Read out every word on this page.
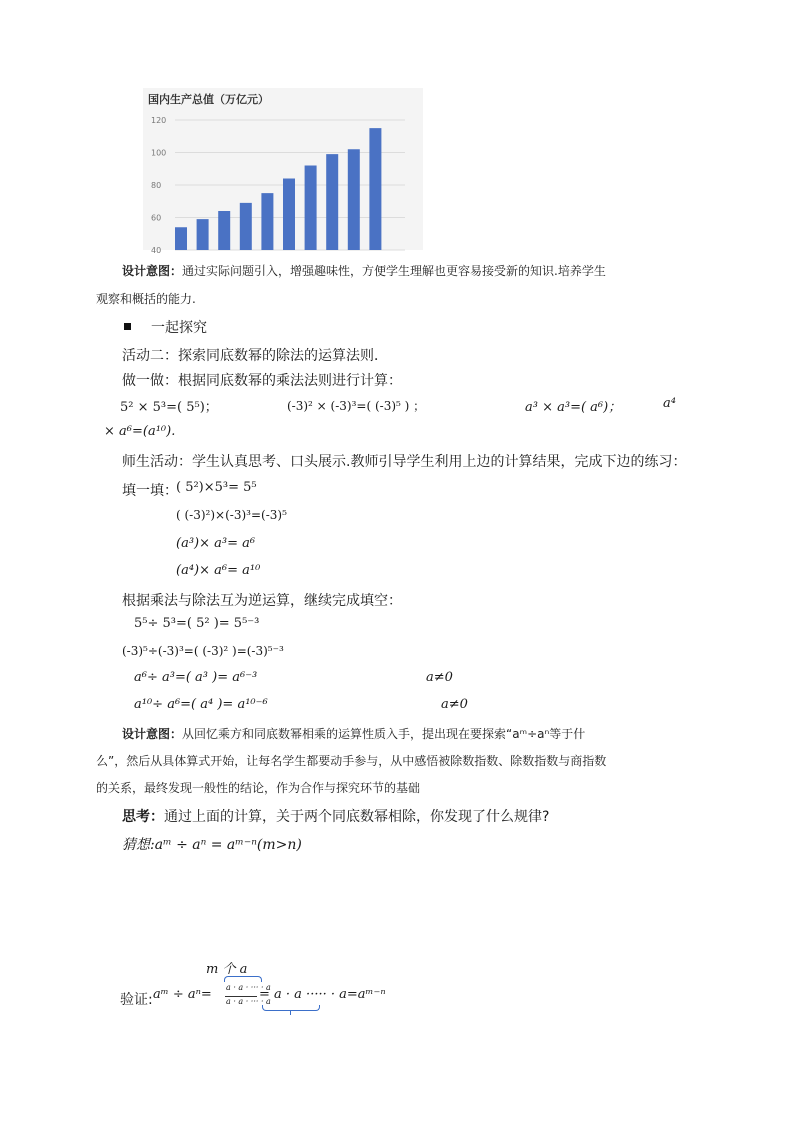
国内生产总值（万亿元）
120
100
80
60
40
设计意图：通过实际问题引入，增强趣味性，方便学生理解也更容易接受新的知识.培养学生
观察和概括的能力.
一起探究
活动二：探索同底数幂的除法的运算法则．
做一做：根据同底数幂的乘法法则进行计算：
5² × 5³=( 5⁵)；	(-3)² × (-3)³=( (-3)⁵ ) ；	a³ × a³=( a⁶)；	a⁴
× a⁶=(a¹⁰).
师生活动：学生认真思考、口头展示.教师引导学生利用上边的计算结果，完成下边的练习：
填一填：
( 5²)×5³= 5⁵
( (-3)²)×(-3)³=(-3)⁵
(a³)× a³= a⁶
(a⁴)× a⁶= a¹⁰
根据乘法与除法互为逆运算，继续完成填空：
5⁵÷ 5³=( 5² )= 5⁵⁻³
(-3)⁵÷(-3)³=( (-3)² )=(-3)⁵⁻³
a⁶÷ a³=( a³ )= a⁶⁻³	a≠0
a¹⁰÷ a⁶=( a⁴ )= a¹⁰⁻⁶	a≠0
设计意图：从回忆乘方和同底数幂相乘的运算性质入手，提出现在要探索“aᵐ÷aⁿ等于什
么”，然后从具体算式开始，让每名学生都要动手参与，从中感悟被除数指数、除数指数与商指数
的关系，最终发现一般性的结论，作为合作与探究环节的基础
思考：通过上面的计算，关于两个同底数幂相除，你发现了什么规律?
猜想:aᵐ ÷ aⁿ = aᵐ⁻ⁿ(m>n)
m 个 a
验证: aᵐ ÷ aⁿ= a · a · ··· · a
a · a · ··· · a
= a · a ····· · a=aᵐ⁻ⁿ
